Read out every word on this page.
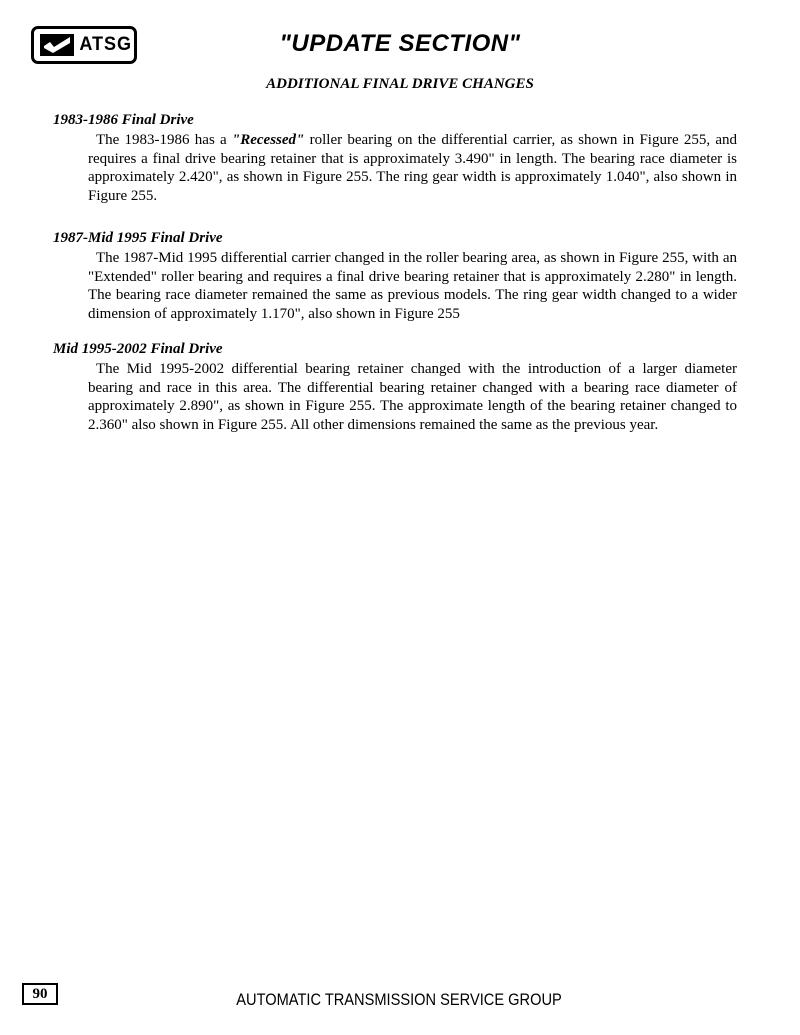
ATSG	"UPDATE SECTION"
ADDITIONAL FINAL DRIVE CHANGES
1983-1986 Final Drive

The 1983-1986 has a "Recessed" roller bearing on the differential carrier, as shown in Figure 255, and requires a final drive bearing retainer that is approximately 3.490" in length. The bearing race diameter is approximately 2.420", as shown in Figure 255. The ring gear width is approximately 1.040", also shown in Figure 255.

1987-Mid 1995 Final Drive

The 1987-Mid 1995 differential carrier changed in the roller bearing area, as shown in Figure 255, with an "Extended" roller bearing and requires a final drive bearing retainer that is approximately 2.280" in length. The bearing race diameter remained the same as previous models. The ring gear width changed to a wider dimension of approximately 1.170", also shown in Figure 255

Mid 1995-2002 Final Drive

The Mid 1995-2002 differential bearing retainer changed with the introduction of a larger diameter bearing and race in this area. The differential bearing retainer changed with a bearing race diameter of approximately 2.890", as shown in Figure 255. The approximate length of the bearing retainer changed to 2.360" also shown in Figure 255. All other dimensions remained the same as the previous year.

90	AUTOMATIC TRANSMISSION SERVICE GROUP
